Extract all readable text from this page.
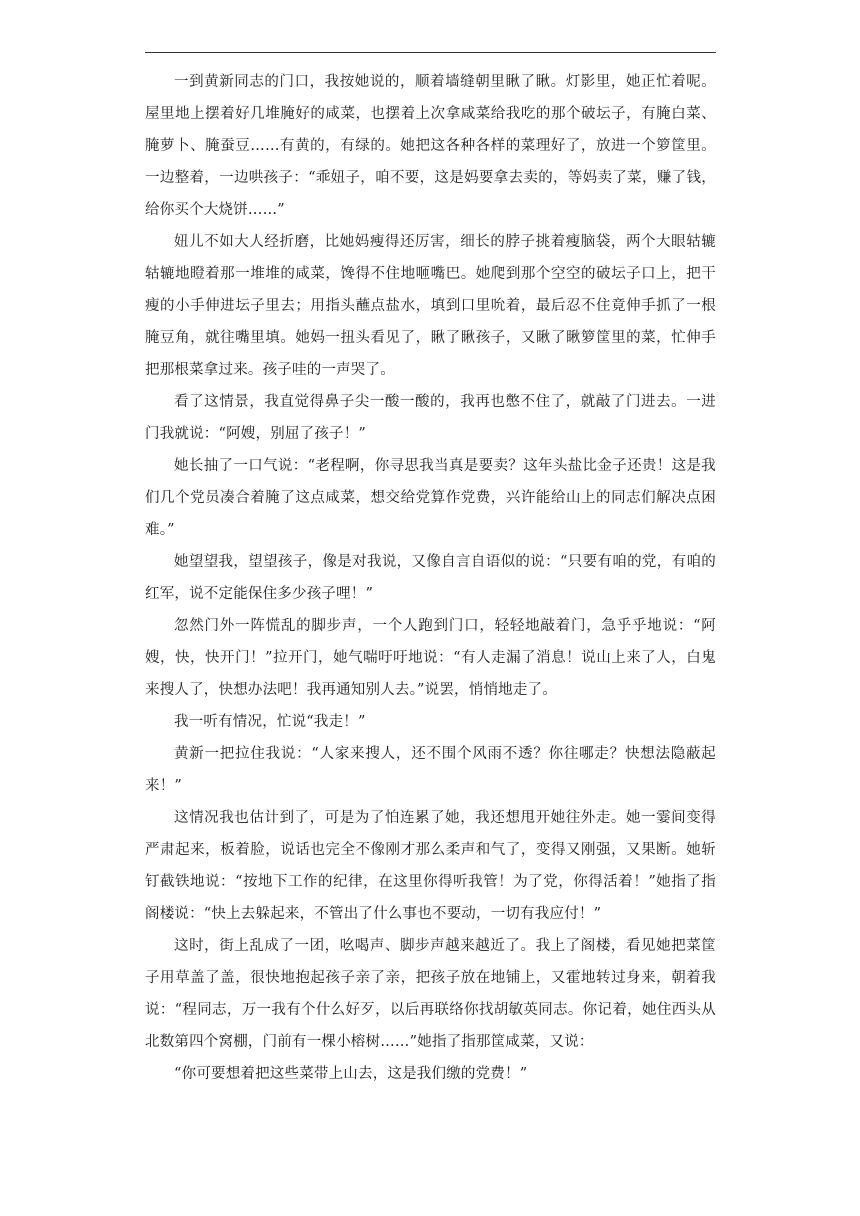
一到黄新同志的门口，我按她说的，顺着墙缝朝里瞅了瞅。灯影里，她正忙着呢。屋里地上摆着好几堆腌好的咸菜，也摆着上次拿咸菜给我吃的那个破坛子，有腌白菜、腌萝卜、腌蚕豆……有黄的，有绿的。她把这各种各样的菜理好了，放进一个箩筐里。一边整着，一边哄孩子：“乖妞子，咱不要，这是妈要拿去卖的，等妈卖了菜，赚了钱，给你买个大烧饼……”

妞儿不如大人经折磨，比她妈瘦得还厉害，细长的脖子挑着瘦脑袋，两个大眼轱辘轱辘地瞪着那一堆堆的咸菜，馋得不住地咂嘴巴。她爬到那个空空的破坛子口上，把干瘦的小手伸进坛子里去；用指头蘸点盐水，填到口里吮着，最后忍不住竟伸手抓了一根腌豆角，就往嘴里填。她妈一扭头看见了，瞅了瞅孩子，又瞅了瞅箩筐里的菜，忙伸手把那根菜拿过来。孩子哇的一声哭了。

看了这情景，我直觉得鼻子尖一酸一酸的，我再也憋不住了，就敲了门进去。一进门我就说：“阿嫂，别屈了孩子！”

她长抽了一口气说：“老程啊，你寻思我当真是要卖？这年头盐比金子还贵！这是我们几个党员凑合着腌了这点咸菜，想交给党算作党费，兴许能给山上的同志们解决点困难。”

她望望我，望望孩子，像是对我说，又像自言自语似的说：“只要有咱的党，有咱的红军，说不定能保住多少孩子哩！”

忽然门外一阵慌乱的脚步声，一个人跑到门口，轻轻地敲着门，急乎乎地说：“阿嫂，快，快开门！”拉开门，她气喘吁吁地说：“有人走漏了消息！说山上来了人，白鬼来搜人了，快想办法吧！我再通知别人去。”说罢，悄悄地走了。

我一听有情况，忙说“我走！”

黄新一把拉住我说：“人家来搜人，还不围个风雨不透？你往哪走？快想法隐蔽起来！”

这情况我也估计到了，可是为了怕连累了她，我还想甩开她往外走。她一霎间变得严肃起来，板着脸，说话也完全不像刚才那么柔声和气了，变得又刚强，又果断。她斩钉截铁地说：“按地下工作的纪律，在这里你得听我管！为了党，你得活着！”她指了指阁楼说：“快上去躲起来，不管出了什么事也不要动，一切有我应付！”

这时，街上乱成了一团，吆喝声、脚步声越来越近了。我上了阁楼，看见她把菜筐子用草盖了盖，很快地抱起孩子亲了亲，把孩子放在地铺上，又霍地转过身来，朝着我说：“程同志，万一我有个什么好歹，以后再联络你找胡敏英同志。你记着，她住西头从北数第四个窝棚，门前有一棵小榕树……”她指了指那筐咸菜，又说：

“你可要想着把这些菜带上山去，这是我们缴的党费！”
